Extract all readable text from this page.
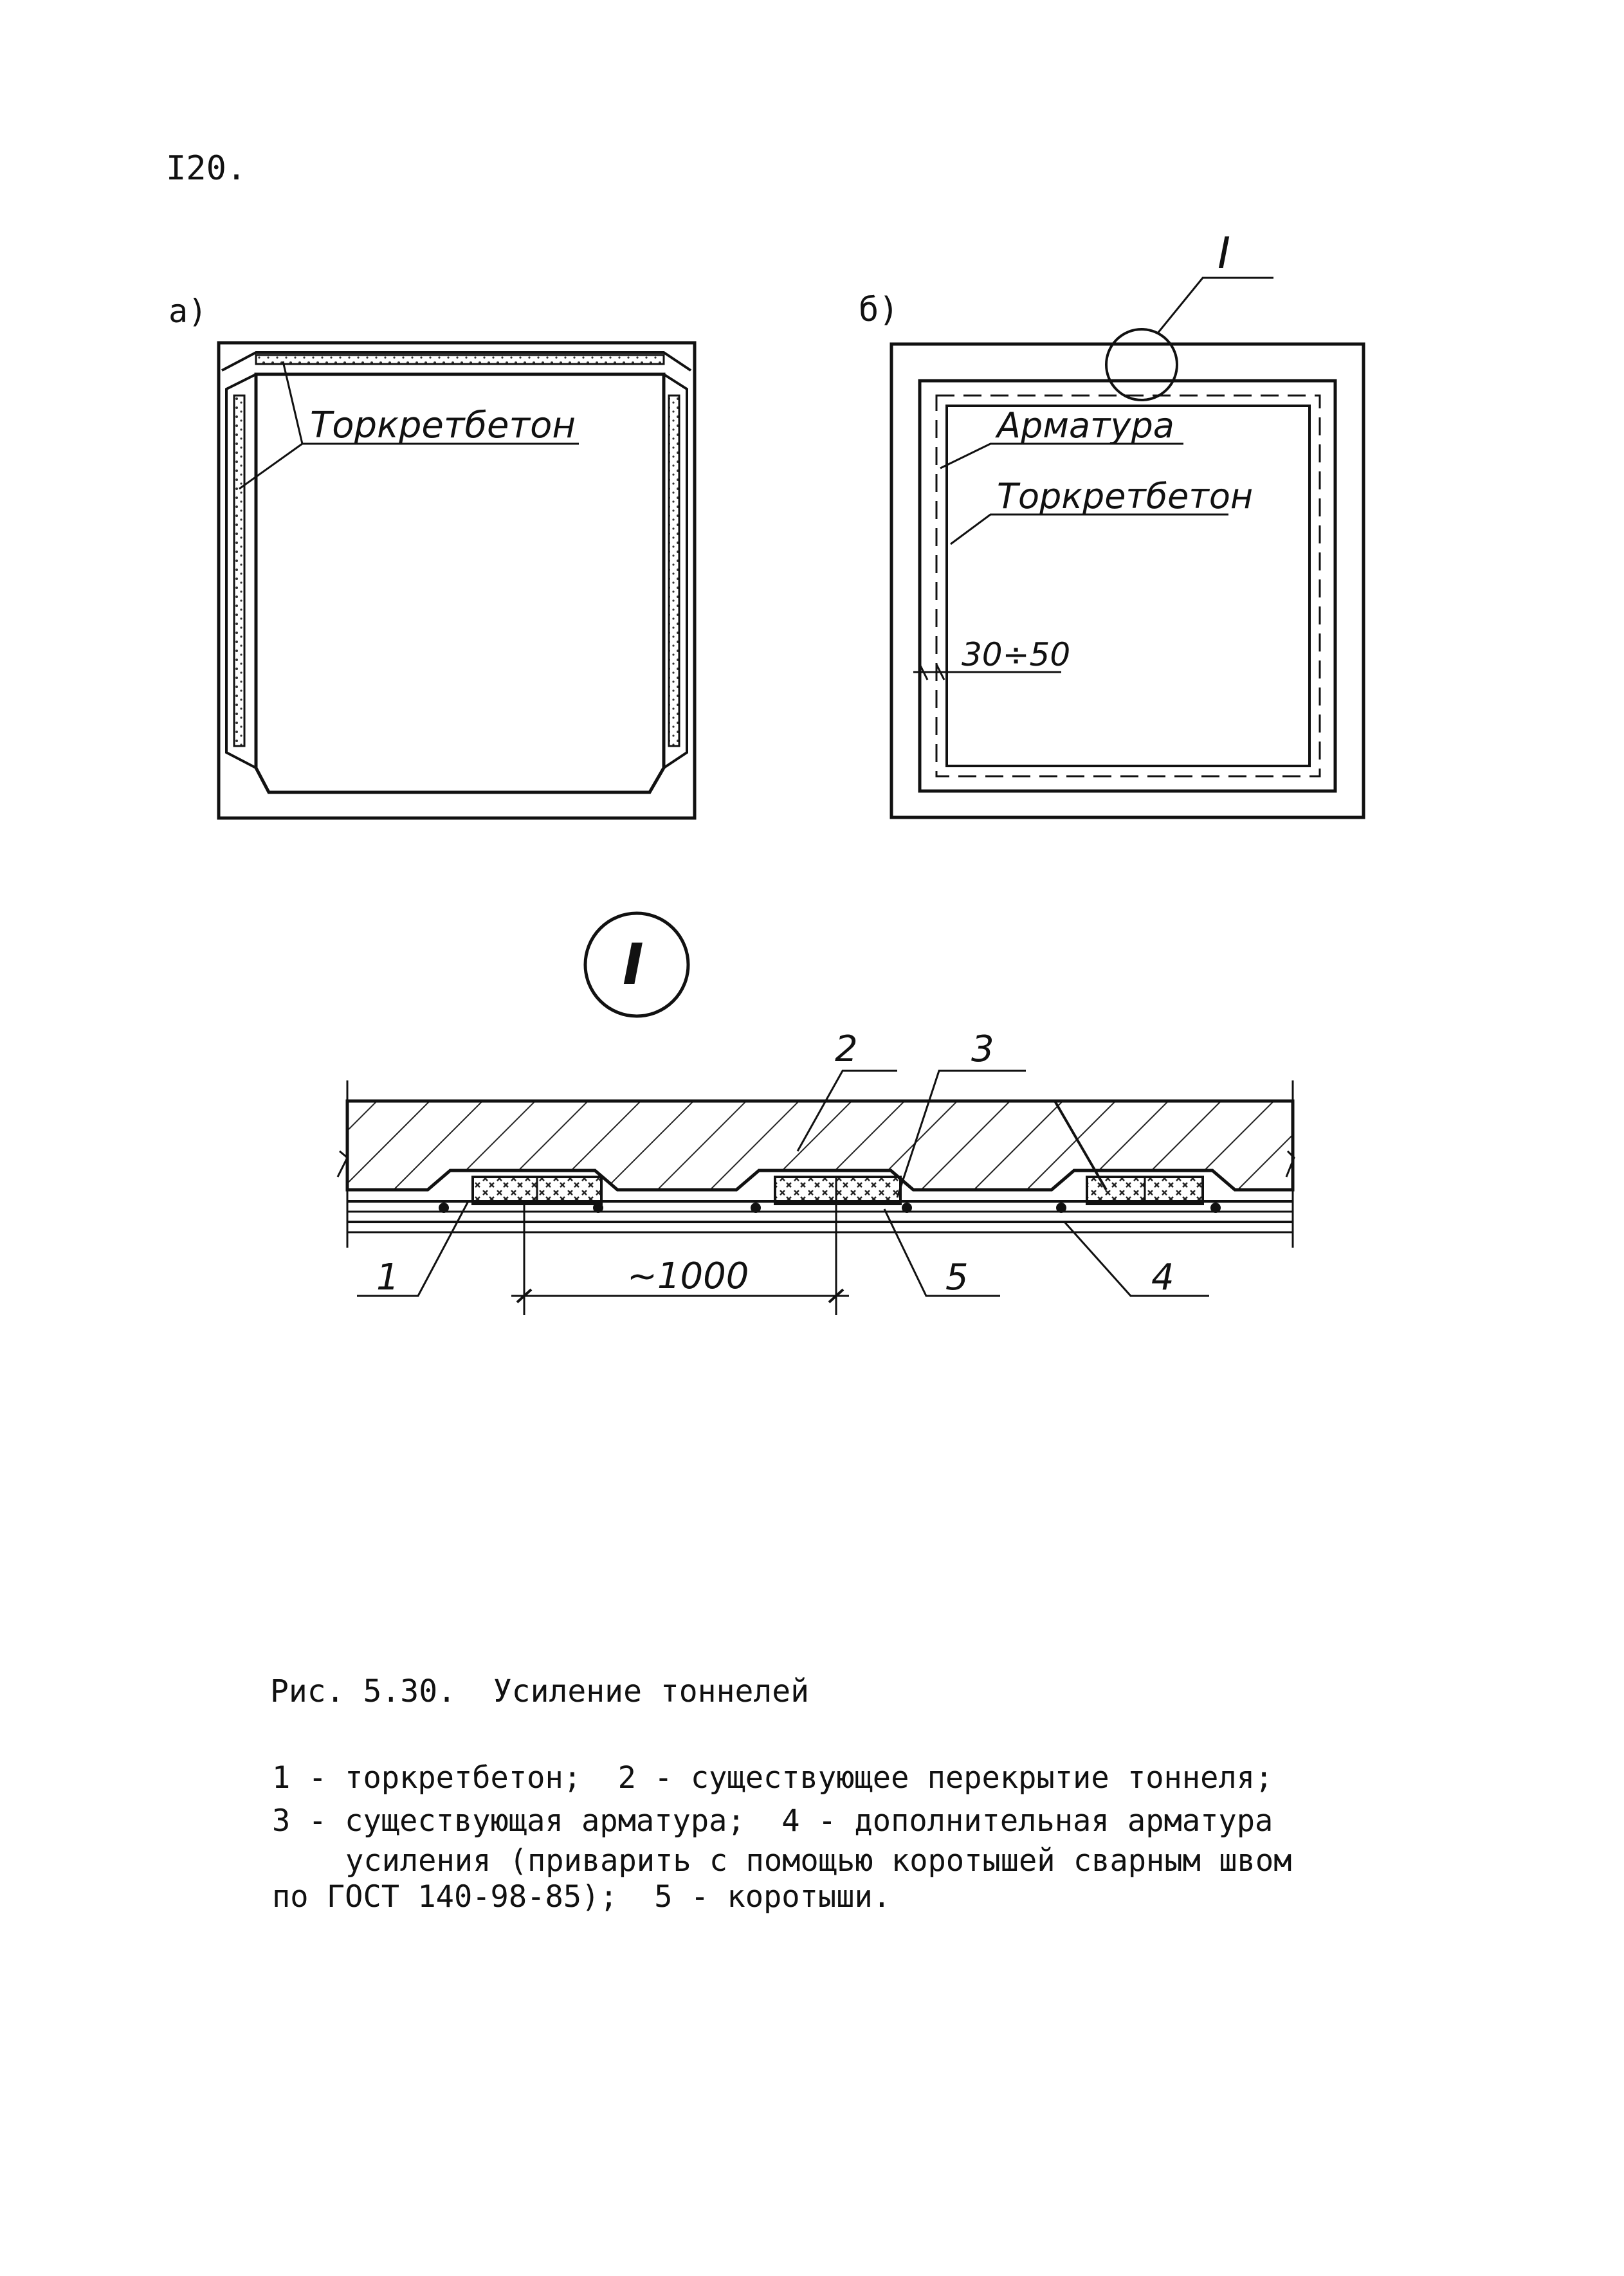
I20.
а)	б)
Торкретбетон
I
Арматура
Торкретбетон
30÷50
I
2	3
1	5	4
~1000
Рис. 5.30.  Усиление тоннелей
1 - торкретбетон;  2 - существующее перекрытие тоннеля;
3 - существующая арматура;  4 - дополнительная арматура
усиления (приварить с помощью коротышей сварным швом
по ГОСТ 140-98-85);  5 - коротыши.
